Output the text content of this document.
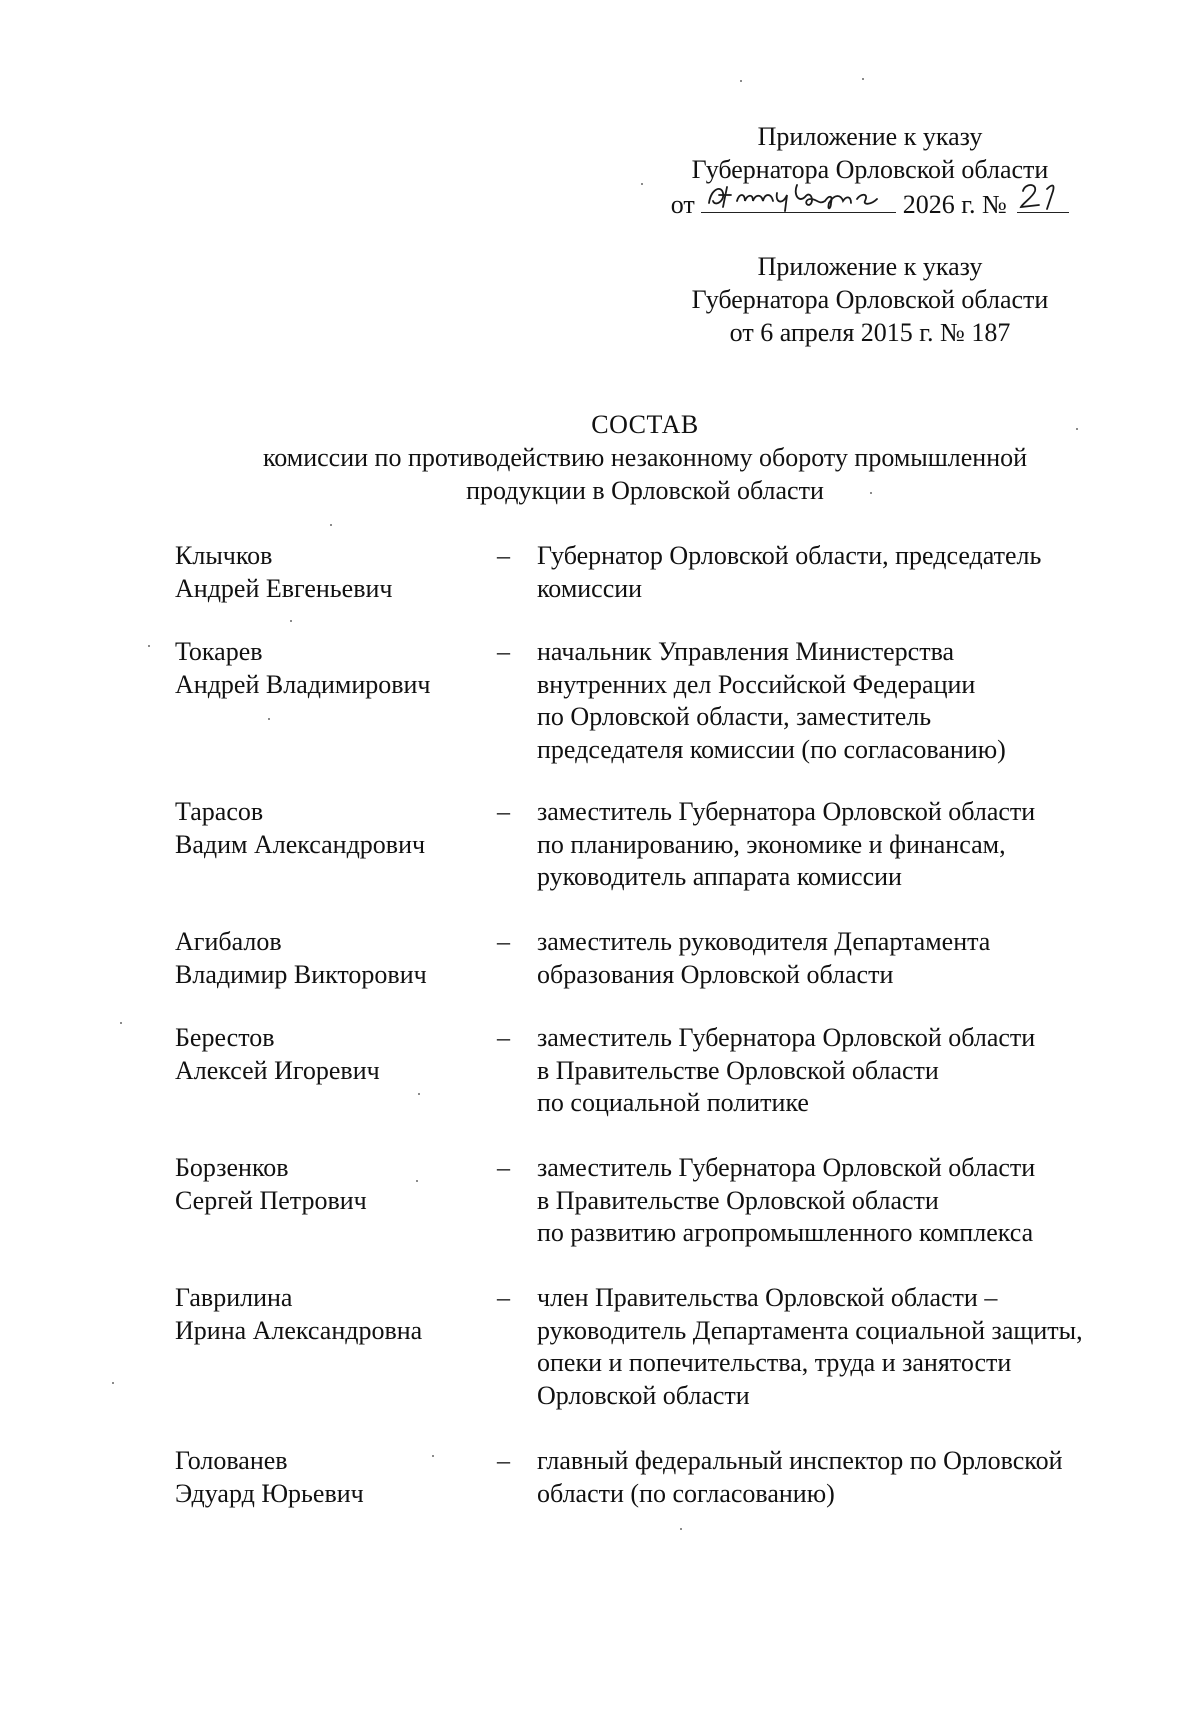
Приложение к указу
Губернатора Орловской области
от	2026 г. №
Приложение к указу
Губернатора Орловской области
от 6 апреля 2015 г. № 187
СОСТАВ
комиссии по противодействию незаконному обороту промышленной
продукции в Орловской области
Клычков
Андрей Евгеньевич
– Губернатор Орловской области, председатель
комиссии
Токарев
Андрей Владимирович
– начальник Управления Министерства
внутренних дел Российской Федерации
по Орловской области, заместитель
председателя комиссии (по согласованию)
Тарасов
Вадим Александрович
– заместитель Губернатора Орловской области
по планированию, экономике и финансам,
руководитель аппарата комиссии
Агибалов
Владимир Викторович
– заместитель руководителя Департамента
образования Орловской области
Берестов
Алексей Игоревич
– заместитель Губернатора Орловской области
в Правительстве Орловской области
по социальной политике
Борзенков
Сергей Петрович
– заместитель Губернатора Орловской области
в Правительстве Орловской области
по развитию агропромышленного комплекса
Гаврилина
Ирина Александровна
– член Правительства Орловской области –
руководитель Департамента социальной защиты,
опеки и попечительства, труда и занятости
Орловской области
Голованев
Эдуард Юрьевич
– главный федеральный инспектор по Орловской
области (по согласованию)
